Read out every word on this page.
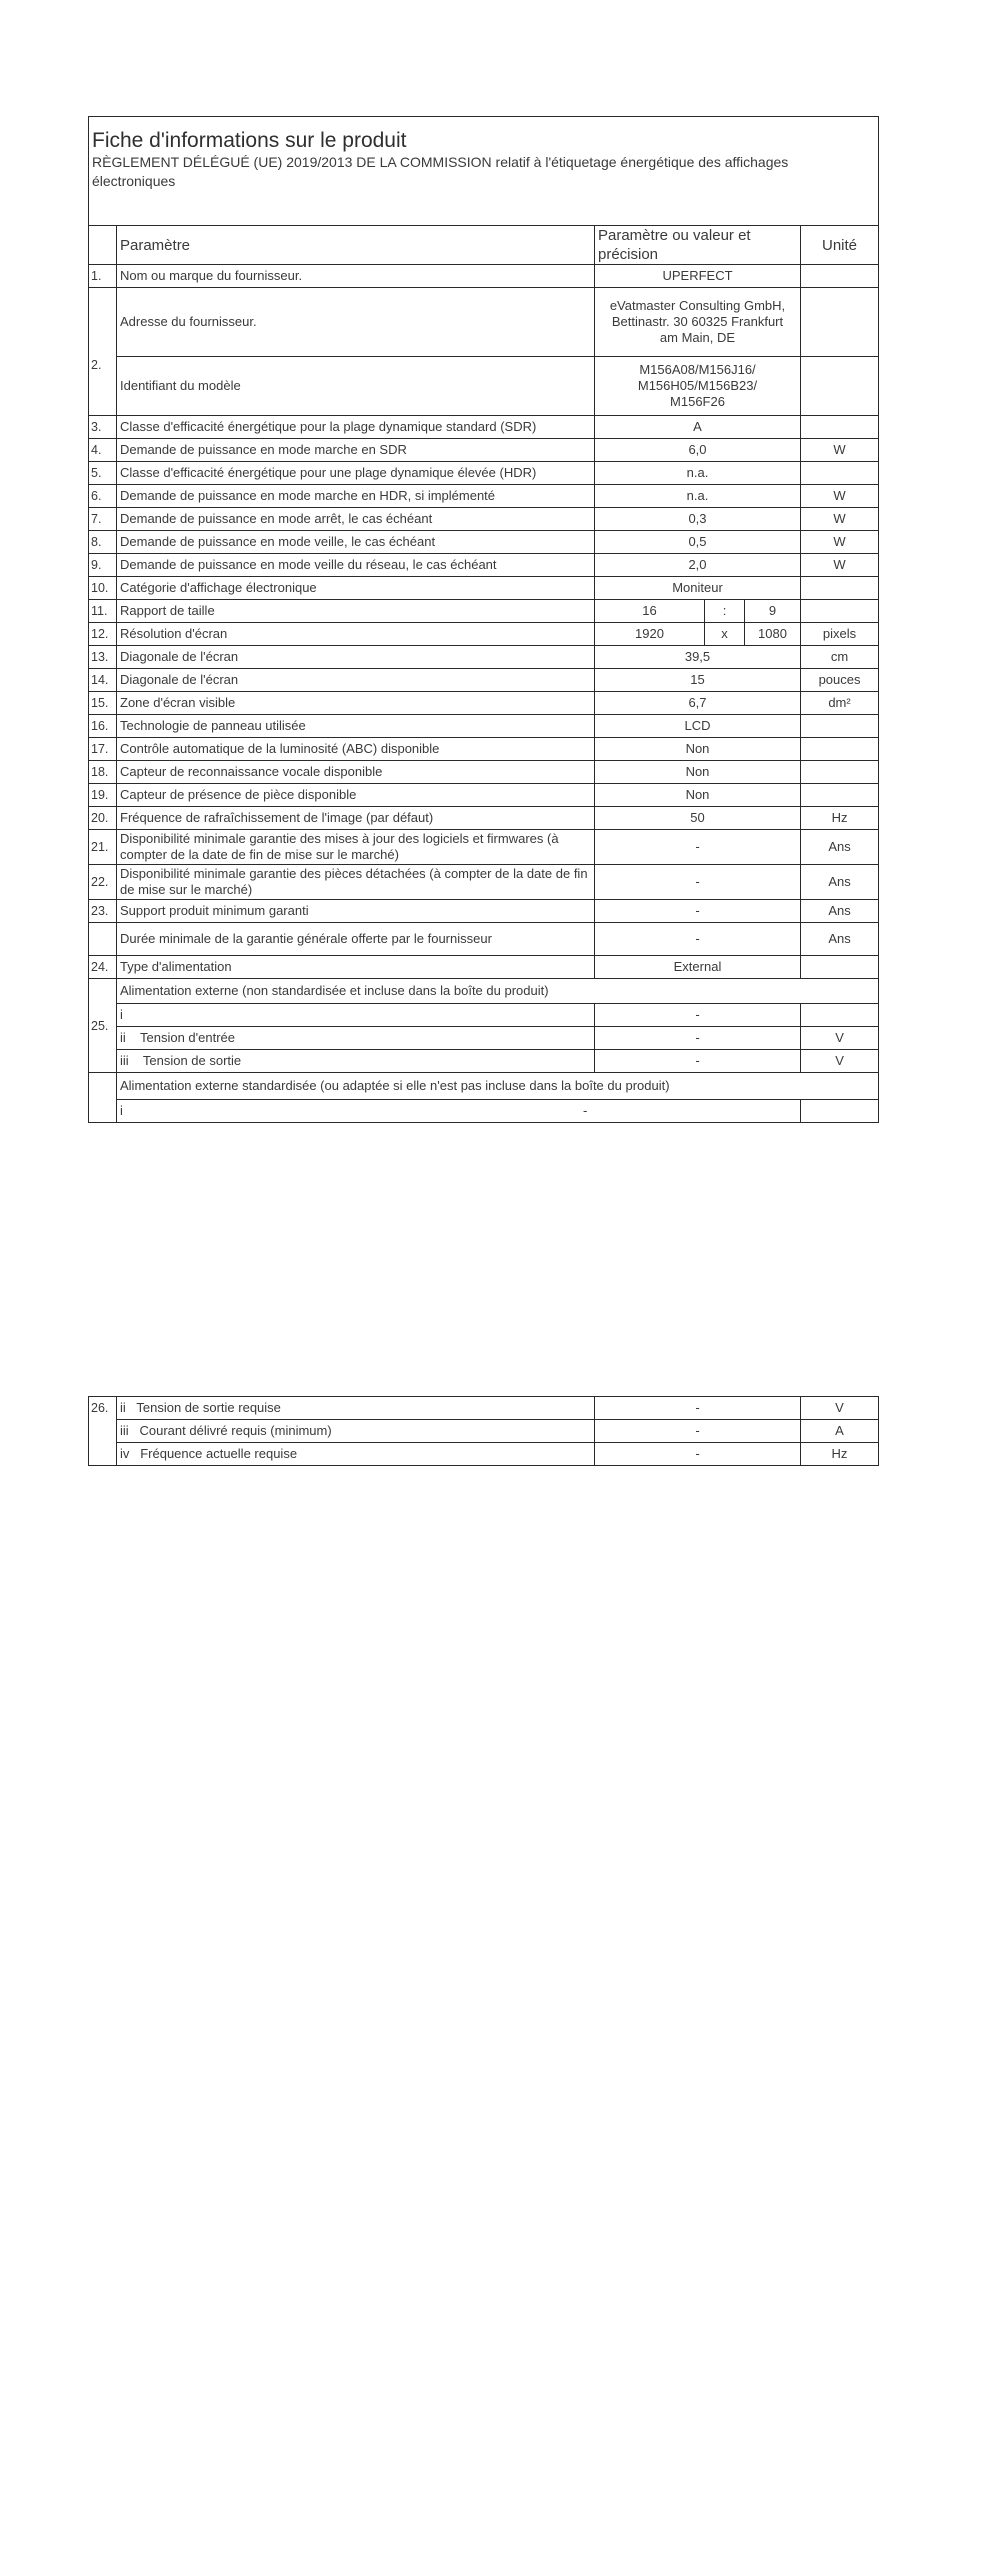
Fiche d'informations sur le produit
RÈGLEMENT DÉLÉGUÉ (UE) 2019/2013 DE LA COMMISSION relatif à l'étiquetage énergétique des affichages électroniques					

	Paramètre	Paramètre ou valeur et précision			Unité
1.	Nom ou marque du fournisseur.	UPERFECT			
	Adresse du fournisseur.	eVatmaster Consulting GmbH, Bettinastr. 30 60325 Frankfurt am Main, DE			
2.	Identifiant du modèle	M156A08/M156J16/ M156H05/M156B23/ M156F26			
3.	Classe d'efficacité énergétique pour la plage dynamique standard (SDR)	A			
4.	Demande de puissance en mode marche en SDR	6,0			W
5.	Classe d'efficacité énergétique pour une plage dynamique élevée (HDR)	n.a.			
6.	Demande de puissance en mode marche en HDR, si implémenté	n.a.			W
7.	Demande de puissance en mode arrêt, le cas échéant	0,3			W
8.	Demande de puissance en mode veille, le cas échéant	0,5			W
9.	Demande de puissance en mode veille du réseau, le cas échéant	2,0			W
10.	Catégorie d'affichage électronique	Moniteur			
11.	Rapport de taille	16	:	9	
12.	Résolution d'écran	1920	x	1080	pixels
13.	Diagonale de l'écran	39,5			cm
14.	Diagonale de l'écran	15			pouces
15.	Zone d'écran visible	6,7			dm²
16.	Technologie de panneau utilisée	LCD			
17.	Contrôle automatique de la luminosité (ABC) disponible	Non			
18.	Capteur de reconnaissance vocale disponible	Non			
19.	Capteur de présence de pièce disponible	Non			
20.	Fréquence de rafraîchissement de l'image (par défaut)	50			Hz
21.	Disponibilité minimale garantie des mises à jour des logiciels et firmwares (à compter de la date de fin de mise sur le marché)	-			Ans
22.	Disponibilité minimale garantie des pièces détachées (à compter de la date de fin de mise sur le marché)	-			Ans
23.	Support produit minimum garanti	-			Ans
	Durée minimale de la garantie générale offerte par le fournisseur	-			Ans
24.	Type d'alimentation	External			
25.	Alimentation externe (non standardisée et incluse dans la boîte du produit)				
	i	-			
	ii    Tension d'entrée	-			V
	iii    Tension de sortie	-			V
	Alimentation externe standardisée (ou adaptée si elle n'est pas incluse dans la boîte du produit)				
	i -				

26.	ii   Tension de sortie requise	-	V
	iii   Courant délivré requis (minimum)	-	A
	iv   Fréquence actuelle requise	-	Hz
